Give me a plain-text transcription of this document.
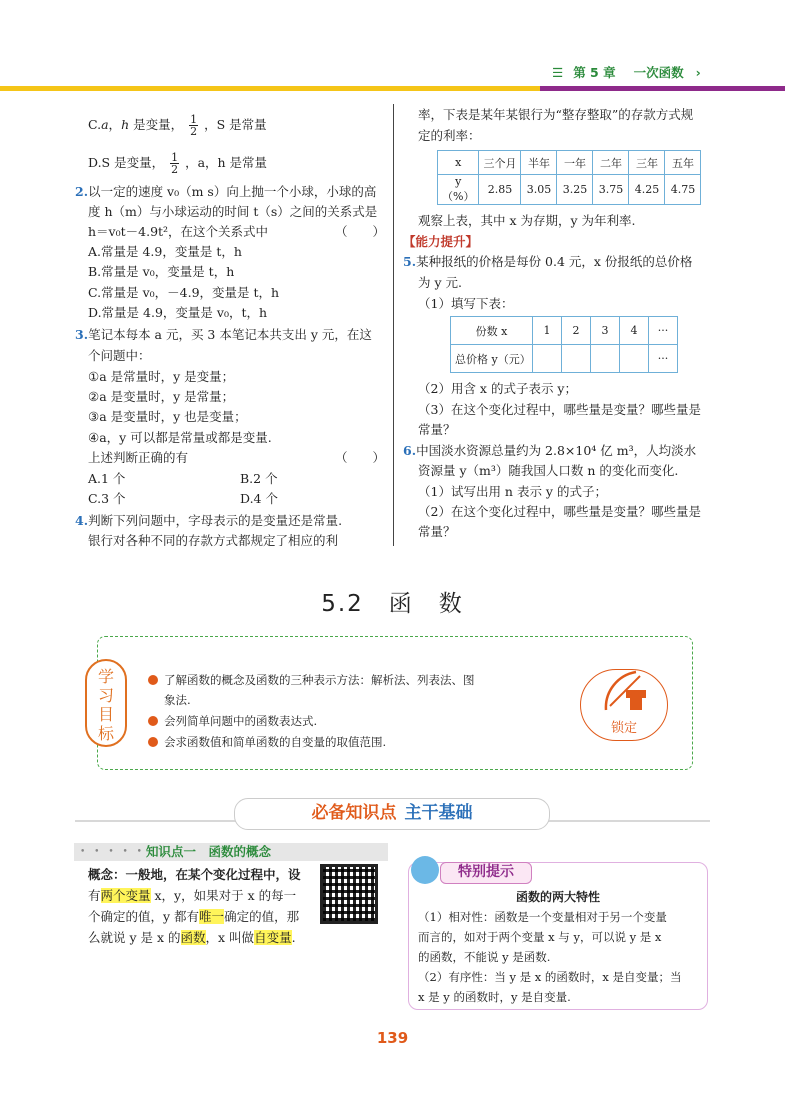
☰ 第 5 章 一次函数 ›
C.a，h 是变量， $\frac{1}{2}$ ，S 是常量
D.S 是变量， $\frac{1}{2}$ ，a，h 是常量
2.以一定的速度 v₀（m s）向上抛一个小球，小球的高
度 h（m）与小球运动的时间 t（s）之间的关系式是
h＝v₀t－4.9t²，在这个关系式中	（　　）
A.常量是 4.9，变量是 t，h
B.常量是 v₀，变量是 t，h
C.常量是 v₀，－4.9，变量是 t，h
D.常量是 4.9，变量是 v₀，t，h
3.笔记本每本 a 元，买 3 本笔记本共支出 y 元，在这
个问题中：
①a 是常量时，y 是变量；
②a 是变量时，y 是常量；
③a 是变量时，y 也是变量；
④a，y 可以都是常量或都是变量.
上述判断正确的有	（　　）
A.1 个	B.2 个
C.3 个	D.4 个
4.判断下列问题中，字母表示的是变量还是常量.
银行对各种不同的存款方式都规定了相应的利
率，下表是某年某银行为“整存整取”的存款方式规
定的利率：
x	三个月	半年	一年	二年	三年	五年
y（%）	2.85	3.05	3.25	3.75	4.25	4.75
观察上表，其中 x 为存期，y 为年利率.
【能力提升】
5.某种报纸的价格是每份 0.4 元，x 份报纸的总价格
为 y 元.
（1）填写下表：
份数 x	1	2	3	4	···
总价格 y（元）					···
（2）用含 x 的式子表示 y；
（3）在这个变化过程中，哪些量是变量？哪些量是
常量？
6.中国淡水资源总量约为 2.8×10⁴ 亿 m³，人均淡水
资源量 y（m³）随我国人口数 n 的变化而变化.
（1）试写出用 n 表示 y 的式子；
（2）在这个变化过程中，哪些量是变量？哪些量是
常量？
5.2　函　数
学
习
目
标
了解函数的概念及函数的三种表示方法：解析法、列表法、图
象法.
会列简单问题中的函数表达式.
会求函数值和简单函数的自变量的取值范围.
锁定
必备知识点 主干基础
• • • • • 知识点一　函数的概念
概念：一般地，在某个变化过程中，设
有两个变量 x，y，如果对于 x 的每一
个确定的值，y 都有唯一确定的值，那
么就说 y 是 x 的函数，x 叫做自变量.
特别提示
函数的两大特性
（1）相对性：函数是一个变量相对于另一个变量
而言的，如对于两个变量 x 与 y，可以说 y 是 x
的函数，不能说 y 是函数.
（2）有序性：当 y 是 x 的函数时，x 是自变量；当
x 是 y 的函数时，y 是自变量.
139
